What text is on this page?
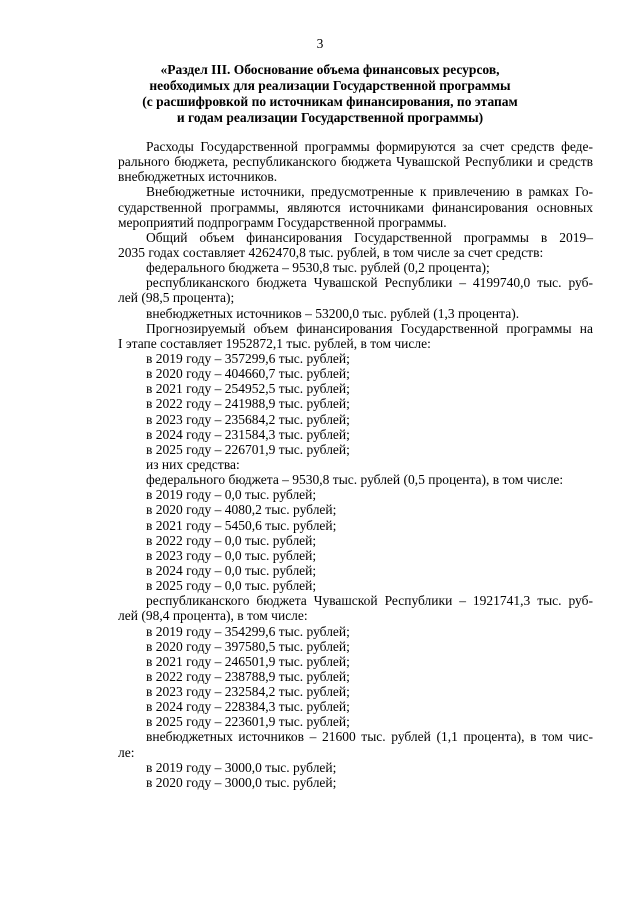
3
«Раздел III. Обоснование объема финансовых ресурсов,
необходимых для реализации Государственной программы
(с расшифровкой по источникам финансирования, по этапам
и годам реализации Государственной программы)
Расходы Государственной программы формируются за счет средств феде-
рального бюджета, республиканского бюджета Чувашской Республики и средств
внебюджетных источников.
Внебюджетные источники, предусмотренные к привлечению в рамках Го-
сударственной программы, являются источниками финансирования основных
мероприятий подпрограмм Государственной программы.
Общий объем финансирования Государственной программы в 2019–
2035 годах составляет 4262470,8 тыс. рублей, в том числе за счет средств:
федерального бюджета – 9530,8 тыс. рублей (0,2 процента);
республиканского бюджета Чувашской Республики – 4199740,0 тыс. руб-
лей (98,5 процента);
внебюджетных источников – 53200,0 тыс. рублей (1,3 процента).
Прогнозируемый объем финансирования Государственной программы на
I этапе составляет 1952872,1 тыс. рублей, в том числе:
в 2019 году – 357299,6 тыс. рублей;
в 2020 году – 404660,7 тыс. рублей;
в 2021 году – 254952,5 тыс. рублей;
в 2022 году – 241988,9 тыс. рублей;
в 2023 году – 235684,2 тыс. рублей;
в 2024 году – 231584,3 тыс. рублей;
в 2025 году – 226701,9 тыс. рублей;
из них средства:
федерального бюджета – 9530,8 тыс. рублей (0,5 процента), в том числе:
в 2019 году – 0,0 тыс. рублей;
в 2020 году – 4080,2 тыс. рублей;
в 2021 году – 5450,6 тыс. рублей;
в 2022 году – 0,0 тыс. рублей;
в 2023 году – 0,0 тыс. рублей;
в 2024 году – 0,0 тыс. рублей;
в 2025 году – 0,0 тыс. рублей;
республиканского бюджета Чувашской Республики – 1921741,3 тыс. руб-
лей (98,4 процента), в том числе:
в 2019 году – 354299,6 тыс. рублей;
в 2020 году – 397580,5 тыс. рублей;
в 2021 году – 246501,9 тыс. рублей;
в 2022 году – 238788,9 тыс. рублей;
в 2023 году – 232584,2 тыс. рублей;
в 2024 году – 228384,3 тыс. рублей;
в 2025 году – 223601,9 тыс. рублей;
внебюджетных источников – 21600 тыс. рублей (1,1 процента), в том чис-
ле:
в 2019 году – 3000,0 тыс. рублей;
в 2020 году – 3000,0 тыс. рублей;
